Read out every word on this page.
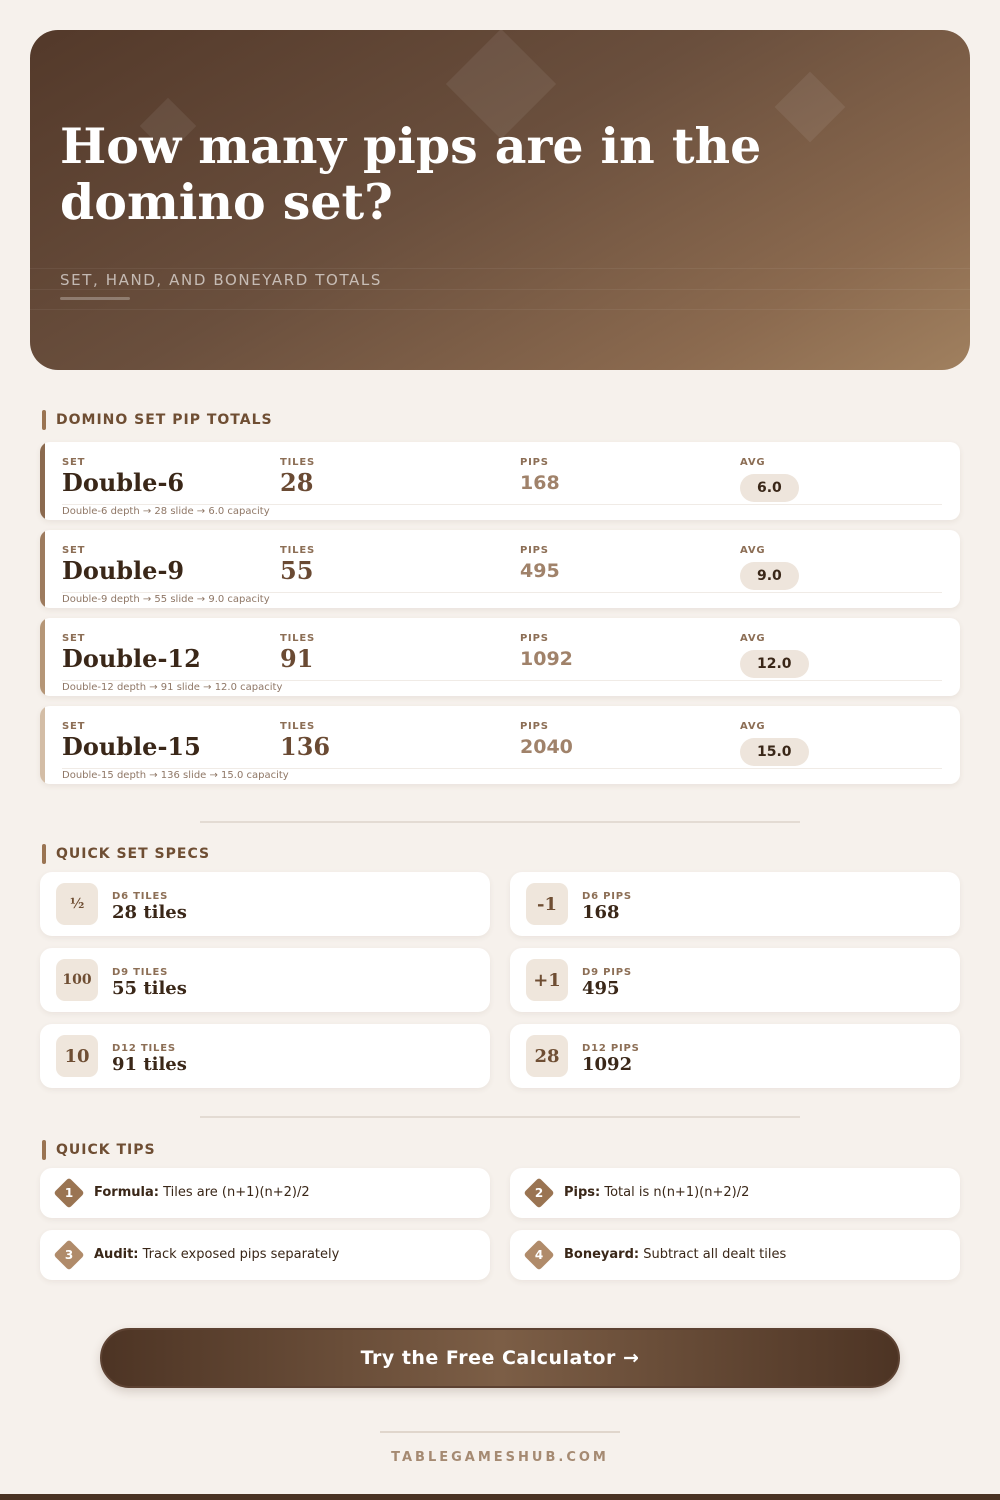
How many pips are in the domino set?
SET, HAND, AND BONEYARD TOTALS
DOMINO SET PIP TOTALS
SET	TILES	PIPS	AVG
Double-6	28	168	6.0
Double-6 depth → 28 slide → 6.0 capacity
SET	TILES	PIPS	AVG
Double-9	55	495	9.0
Double-9 depth → 55 slide → 9.0 capacity
SET	TILES	PIPS	AVG
Double-12	91	1092	12.0
Double-12 depth → 91 slide → 12.0 capacity
SET	TILES	PIPS	AVG
Double-15	136	2040	15.0
Double-15 depth → 136 slide → 15.0 capacity
QUICK SET SPECS
½	D6 TILES
28 tiles	-1	D6 PIPS
168
100	D9 TILES
55 tiles	+1	D9 PIPS
495
10	D12 TILES
91 tiles	28	D12 PIPS
1092
QUICK TIPS
1	Formula: Tiles are (n+1)(n+2)/2	2	Pips: Total is n(n+1)(n+2)/2
3	Audit: Track exposed pips separately	4	Boneyard: Subtract all dealt tiles
Try the Free Calculator →
TABLEGAMESHUB.COM
